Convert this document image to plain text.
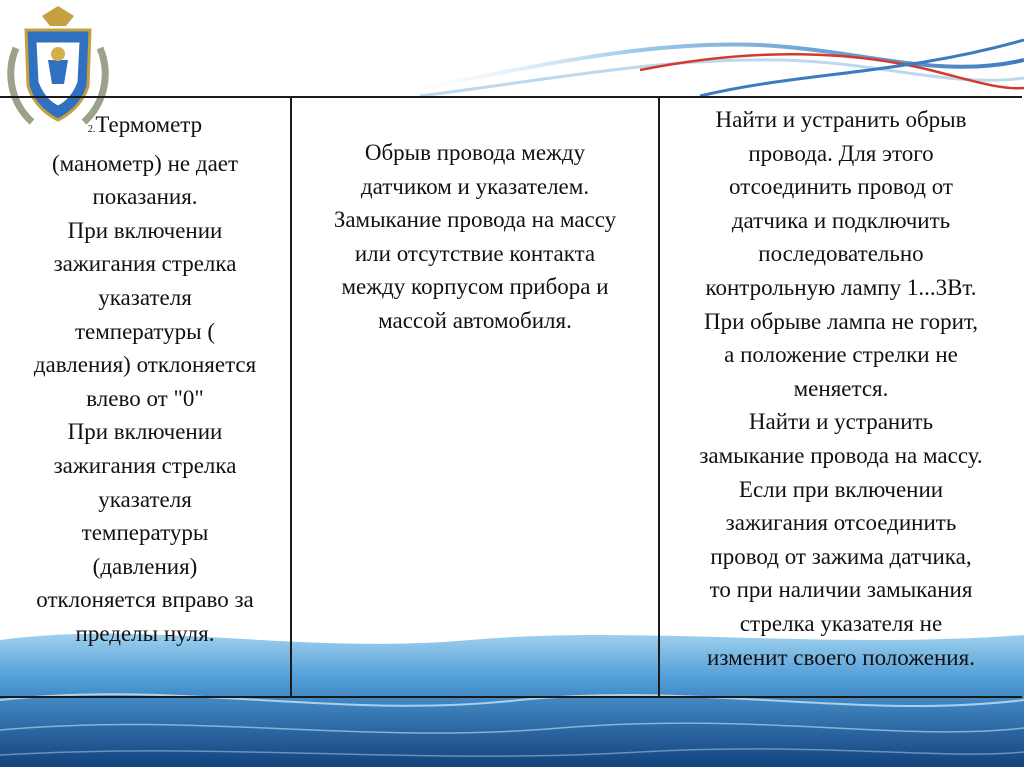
2.Термометр
(манометр) не дает
показания.
При включении
зажигания стрелка
указателя
температуры (
давления) отклоняется
влево от "0"
При включении
зажигания стрелка
указателя
температуры
(давления)
отклоняется вправо за
пределы нуля.
Обрыв провода между
датчиком и указателем.
Замыкание провода на массу
или отсутствие контакта
между корпусом прибора и
массой автомобиля.
Найти и устранить обрыв
провода. Для этого
отсоединить провод от
датчика и подключить
последовательно
контрольную лампу 1...3Вт.
При обрыве лампа не горит,
а положение стрелки не
меняется.
Найти и устранить
замыкание провода на массу.
Если при включении
зажигания отсоединить
провод от зажима датчика,
то при наличии замыкания
стрелка указателя не
изменит своего положения.
